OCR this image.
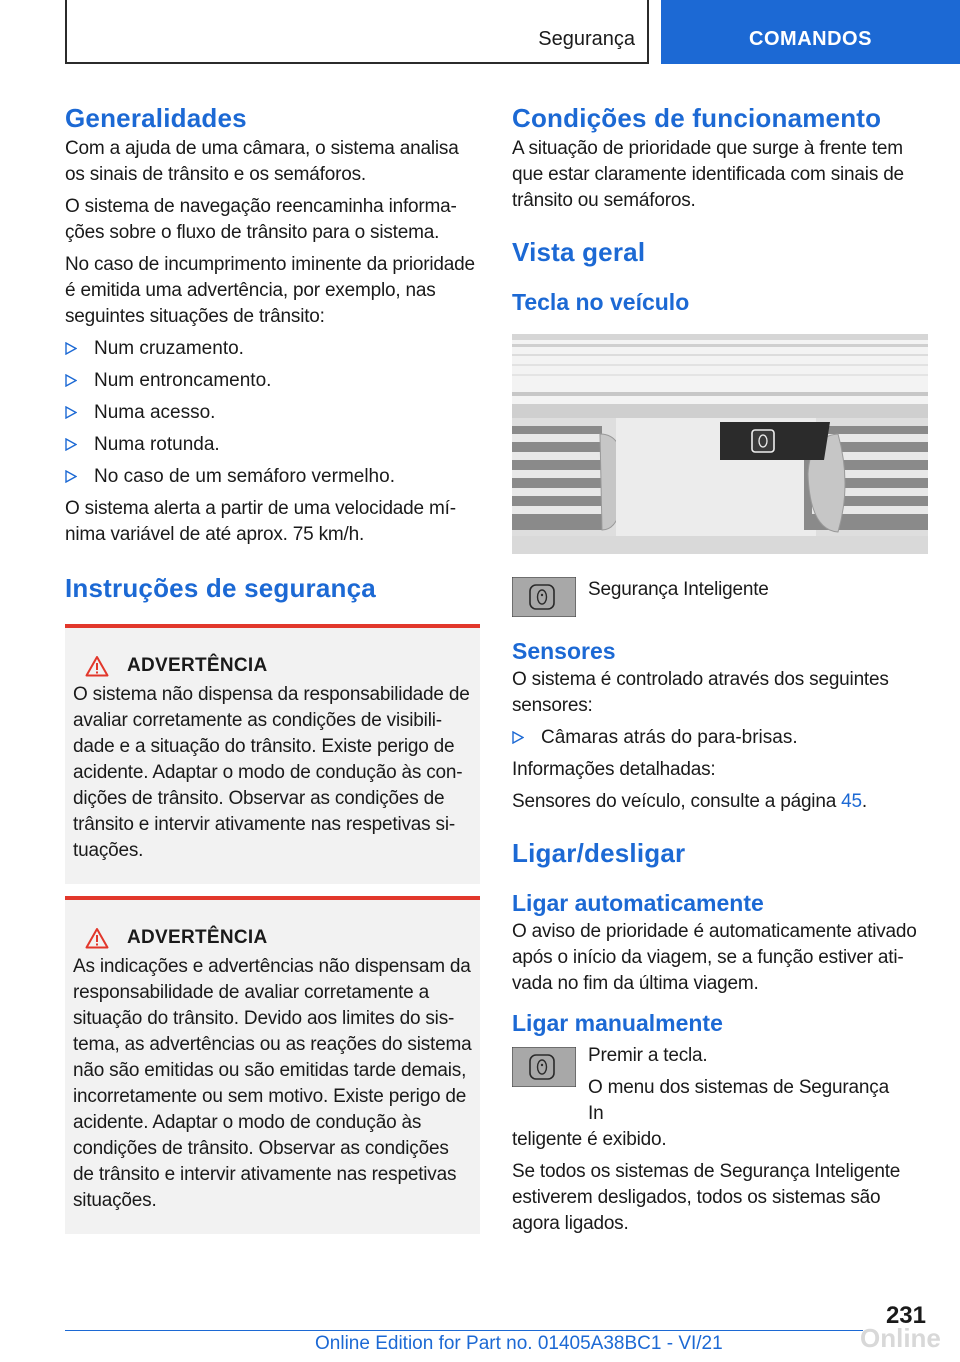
Segurança	COMANDOS
Generalidades

Com a ajuda de uma câmara, o sistema analisa os sinais de trânsito e os semáforos.

O sistema de navegação reencaminha informações sobre o fluxo de trânsito para o sistema.

No caso de incumprimento iminente da prioridade é emitida uma advertência, por exemplo, nas seguintes situações de trânsito:

Num cruzamento.
Num entroncamento.
Numa acesso.
Numa rotunda.
No caso de um semáforo vermelho.

O sistema alerta a partir de uma velocidade mínima variável de até aprox. 75 km/h.

Instruções de segurança
ADVERTÊNCIA

O sistema não dispensa da responsabilidade de avaliar corretamente as condições de visibilidade e a situação do trânsito. Existe perigo de acidente. Adaptar o modo de condução às condições de trânsito. Observar as condições de trânsito e intervir ativamente nas respetivas situações.

ADVERTÊNCIA

As indicações e advertências não dispensam da responsabilidade de avaliar corretamente a situação do trânsito. Devido aos limites do sistema, as advertências ou as reações do sistema não são emitidas ou são emitidas tarde demais, incorretamente ou sem motivo. Existe perigo de acidente. Adaptar o modo de condução às condições de trânsito. Observar as condições de trânsito e intervir ativamente nas respetivas situações.

Condições de funcionamento

A situação de prioridade que surge à frente tem que estar claramente identificada com sinais de trânsito ou semáforos.

Vista geral
Tecla no veículo

Segurança Inteligente

Sensores

O sistema é controlado através dos seguintes sensores:

Câmaras atrás do para-brisas.

Informações detalhadas:

Sensores do veículo, consulte a página 45.

Ligar/desligar
Ligar automaticamente

O aviso de prioridade é automaticamente ativado após o início da viagem, se a função estiver ativada no fim da última viagem.

Ligar manualmente

Premir a tecla.

O menu dos sistemas de Segurança In

teligente é exibido.

Se todos os sistemas de Segurança Inteligente estiverem desligados, todos os sistemas são agora ligados.

231
Online Edition for Part no. 01405A38BC1 - VI/21	Online
